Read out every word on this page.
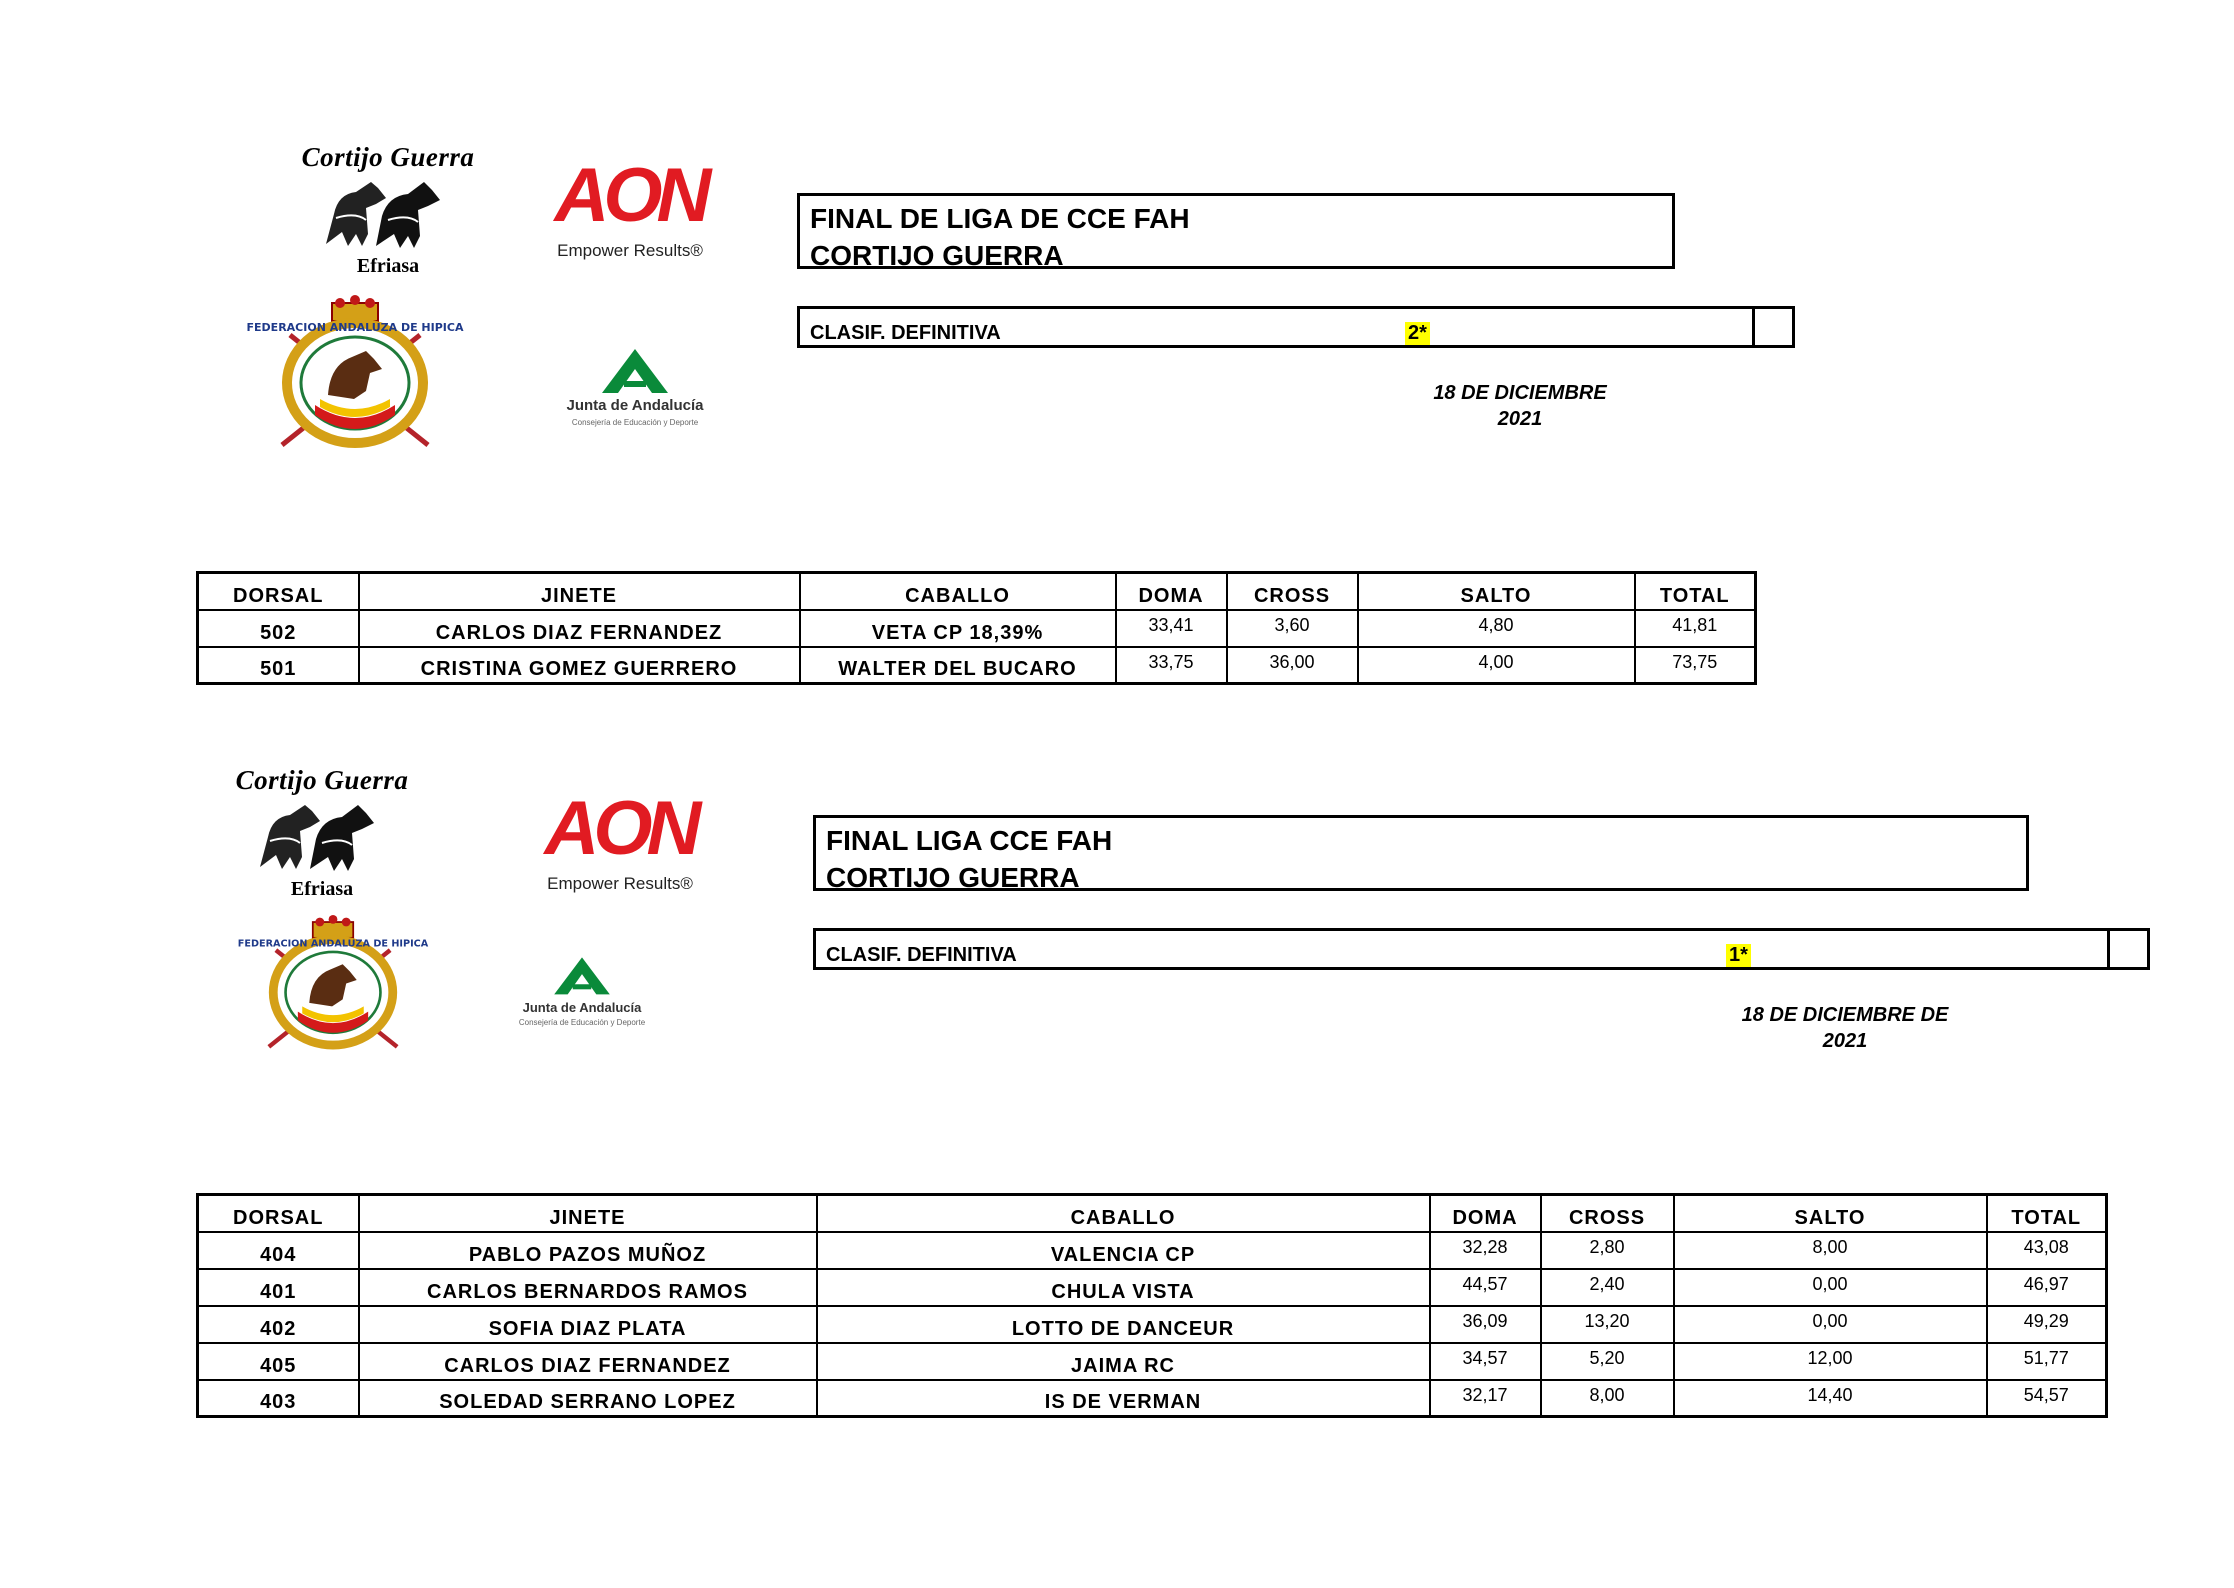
Cortijo Guerra
Efriasa
AON
Empower Results®
FEDERACION ANDALUZA DE HIPICA
Junta de Andalucía
Consejería de Educación y Deporte
FINAL DE LIGA DE CCE FAH
CORTIJO GUERRA
CLASIF. DEFINITIVA	2*
18 DE DICIEMBRE
2021
DORSAL	JINETE	CABALLO	DOMA	CROSS	SALTO	TOTAL
502	CARLOS DIAZ FERNANDEZ	VETA CP 18,39%	33,41	3,60	4,80	41,81
501	CRISTINA GOMEZ GUERRERO	WALTER DEL BUCARO	33,75	36,00	4,00	73,75
Cortijo Guerra
Efriasa
AON
Empower Results®
FEDERACION ANDALUZA DE HIPICA
Junta de Andalucía
Consejería de Educación y Deporte
FINAL LIGA CCE FAH
CORTIJO GUERRA
CLASIF. DEFINITIVA	1*
18 DE DICIEMBRE DE
2021
DORSAL	JINETE	CABALLO	DOMA	CROSS	SALTO	TOTAL
404	PABLO PAZOS MUÑOZ	VALENCIA CP	32,28	2,80	8,00	43,08
401	CARLOS BERNARDOS RAMOS	CHULA VISTA	44,57	2,40	0,00	46,97
402	SOFIA DIAZ PLATA	LOTTO DE DANCEUR	36,09	13,20	0,00	49,29
405	CARLOS DIAZ FERNANDEZ	JAIMA RC	34,57	5,20	12,00	51,77
403	SOLEDAD SERRANO LOPEZ	IS DE VERMAN	32,17	8,00	14,40	54,57
